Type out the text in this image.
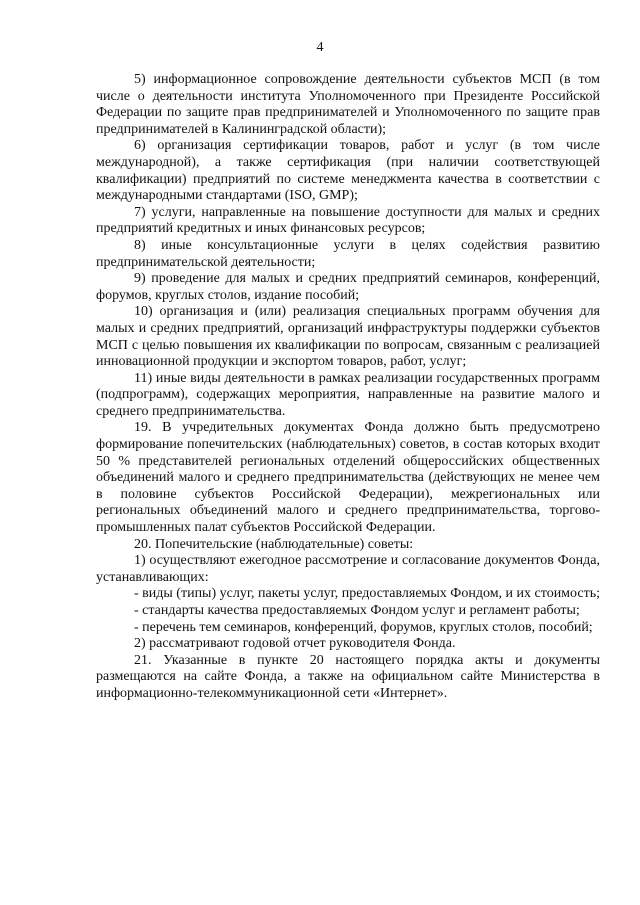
4

5) информационное сопровождение деятельности субъектов МСП (в том числе о деятельности института Уполномоченного при Президенте Российской Федерации по защите прав предпринимателей и Уполномоченного по защите прав предпринимателей в Калининградской области);

6) организация сертификации товаров, работ и услуг (в том числе международной), а также сертификация (при наличии соответствующей квалификации) предприятий по системе менеджмента качества в соответствии с международными стандартами (ISO, GMP);

7) услуги, направленные на повышение доступности для малых и средних предприятий кредитных и иных финансовых ресурсов;

8) иные консультационные услуги в целях содействия развитию предпринимательской деятельности;

9) проведение для малых и средних предприятий семинаров, конференций, форумов, круглых столов, издание пособий;

10) организация и (или) реализация специальных программ обучения для малых и средних предприятий, организаций инфраструктуры поддержки субъектов МСП с целью повышения их квалификации по вопросам, связанным с реализацией инновационной продукции и экспортом товаров, работ, услуг;

11) иные виды деятельности в рамках реализации государственных программ (подпрограмм), содержащих мероприятия, направленные на развитие малого и среднего предпринимательства.

19. В учредительных документах Фонда должно быть предусмотрено формирование попечительских (наблюдательных) советов, в состав которых входит 50 % представителей региональных отделений общероссийских общественных объединений малого и среднего предпринимательства (действующих не менее чем в половине субъектов Российской Федерации), межрегиональных или региональных объединений малого и среднего предпринимательства, торгово-промышленных палат субъектов Российской Федерации.

20. Попечительские (наблюдательные) советы:

1) осуществляют ежегодное рассмотрение и согласование документов Фонда, устанавливающих:

- виды (типы) услуг, пакеты услуг, предоставляемых Фондом, и их стоимость;

- стандарты качества предоставляемых Фондом услуг и регламент работы;

- перечень тем семинаров, конференций, форумов, круглых столов, пособий;

2) рассматривают годовой отчет руководителя Фонда.

21. Указанные в пункте 20 настоящего порядка акты и документы размещаются на сайте Фонда, а также на официальном сайте Министерства в информационно-телекоммуникационной сети «Интернет».
